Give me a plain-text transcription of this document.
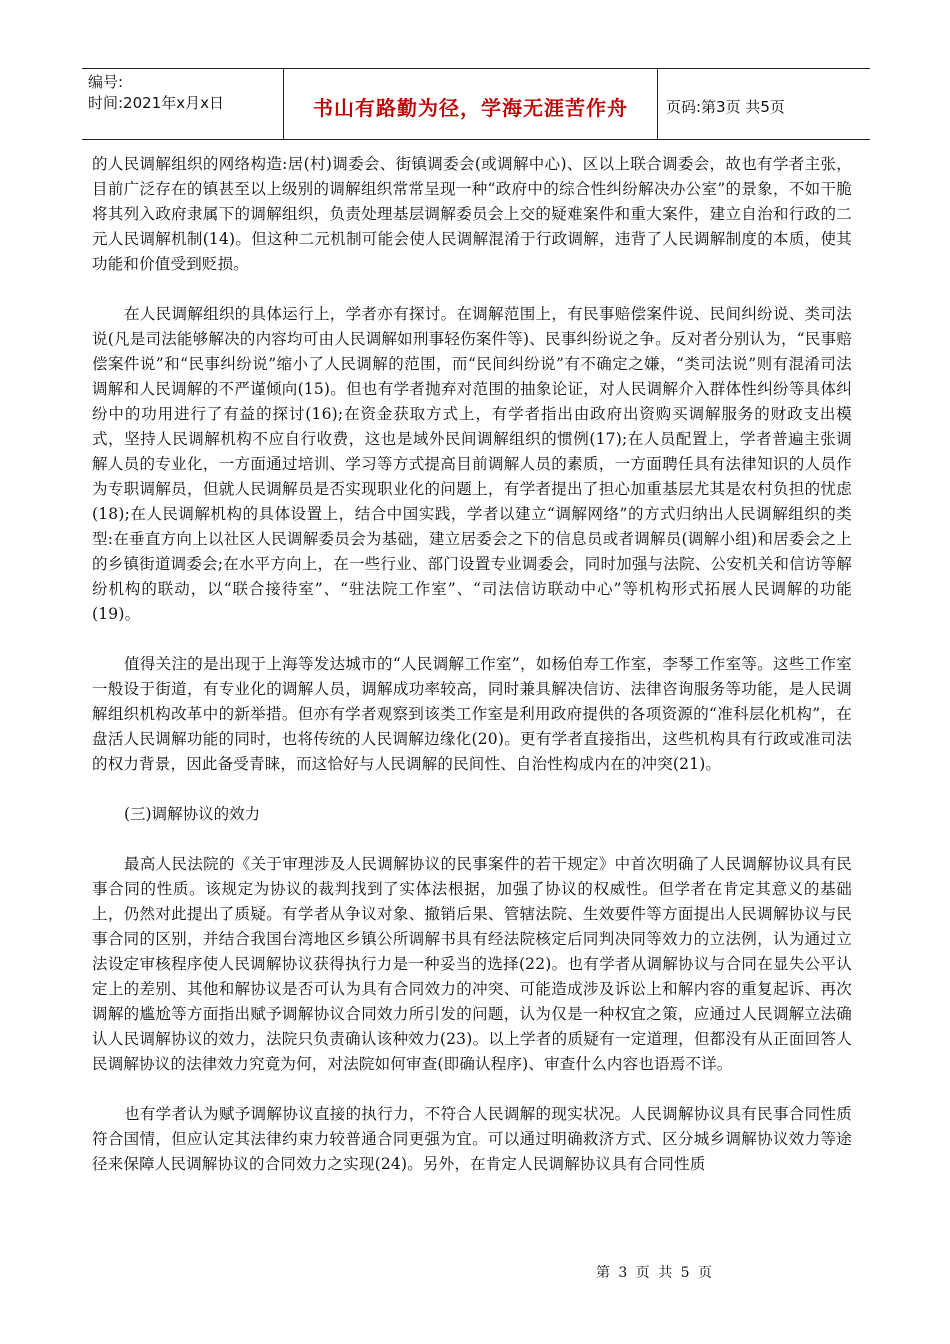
编号:
时间:2021年x月x日	书山有路勤为径，学海无涯苦作舟	页码:第3页 共5页

的人民调解组织的网络构造:居(村)调委会、街镇调委会(或调解中心)、区以上联合调委会，故也有学者主张，目前广泛存在的镇甚至以上级别的调解组织常常呈现一种“政府中的综合性纠纷解决办公室”的景象，不如干脆将其列入政府隶属下的调解组织，负责处理基层调解委员会上交的疑难案件和重大案件，建立自治和行政的二元人民调解机制(14)。但这种二元机制可能会使人民调解混淆于行政调解，违背了人民调解制度的本质，使其功能和价值受到贬损。

在人民调解组织的具体运行上，学者亦有探讨。在调解范围上，有民事赔偿案件说、民间纠纷说、类司法说(凡是司法能够解决的内容均可由人民调解如刑事轻伤案件等)、民事纠纷说之争。反对者分别认为，“民事赔偿案件说”和“民事纠纷说”缩小了人民调解的范围，而“民间纠纷说”有不确定之嫌，“类司法说”则有混淆司法调解和人民调解的不严谨倾向(15)。但也有学者抛弃对范围的抽象论证，对人民调解介入群体性纠纷等具体纠纷中的功用进行了有益的探讨(16);在资金获取方式上，有学者指出由政府出资购买调解服务的财政支出模式，坚持人民调解机构不应自行收费，这也是域外民间调解组织的惯例(17);在人员配置上，学者普遍主张调解人员的专业化，一方面通过培训、学习等方式提高目前调解人员的素质，一方面聘任具有法律知识的人员作为专职调解员，但就人民调解员是否实现职业化的问题上，有学者提出了担心加重基层尤其是农村负担的忧虑(18);在人民调解机构的具体设置上，结合中国实践，学者以建立“调解网络”的方式归纳出人民调解组织的类型:在垂直方向上以社区人民调解委员会为基础，建立居委会之下的信息员或者调解员(调解小组)和居委会之上的乡镇街道调委会;在水平方向上，在一些行业、部门设置专业调委会，同时加强与法院、公安机关和信访等解纷机构的联动，以“联合接待室”、“驻法院工作室”、“司法信访联动中心”等机构形式拓展人民调解的功能(19)。

值得关注的是出现于上海等发达城市的“人民调解工作室”，如杨伯寿工作室，李琴工作室等。这些工作室一般设于街道，有专业化的调解人员，调解成功率较高，同时兼具解决信访、法律咨询服务等功能，是人民调解组织机构改革中的新举措。但亦有学者观察到该类工作室是利用政府提供的各项资源的“准科层化机构”，在盘活人民调解功能的同时，也将传统的人民调解边缘化(20)。更有学者直接指出，这些机构具有行政或准司法的权力背景，因此备受青睐，而这恰好与人民调解的民间性、自治性构成内在的冲突(21)。

(三)调解协议的效力

最高人民法院的《关于审理涉及人民调解协议的民事案件的若干规定》中首次明确了人民调解协议具有民事合同的性质。该规定为协议的裁判找到了实体法根据，加强了协议的权威性。但学者在肯定其意义的基础上，仍然对此提出了质疑。有学者从争议对象、撤销后果、管辖法院、生效要件等方面提出人民调解协议与民事合同的区别，并结合我国台湾地区乡镇公所调解书具有经法院核定后同判决同等效力的立法例，认为通过立法设定审核程序使人民调解协议获得执行力是一种妥当的选择(22)。也有学者从调解协议与合同在显失公平认定上的差别、其他和解协议是否可认为具有合同效力的冲突、可能造成涉及诉讼上和解内容的重复起诉、再次调解的尴尬等方面指出赋予调解协议合同效力所引发的问题，认为仅是一种权宜之策，应通过人民调解立法确认人民调解协议的效力，法院只负责确认该种效力(23)。以上学者的质疑有一定道理，但都没有从正面回答人民调解协议的法律效力究竟为何，对法院如何审查(即确认程序)、审查什么内容也语焉不详。

也有学者认为赋予调解协议直接的执行力，不符合人民调解的现实状况。人民调解协议具有民事合同性质符合国情，但应认定其法律约束力较普通合同更强为宜。可以通过明确救济方式、区分城乡调解协议效力等途径来保障人民调解协议的合同效力之实现(24)。另外，在肯定人民调解协议具有合同性质

第 3 页 共 5 页
